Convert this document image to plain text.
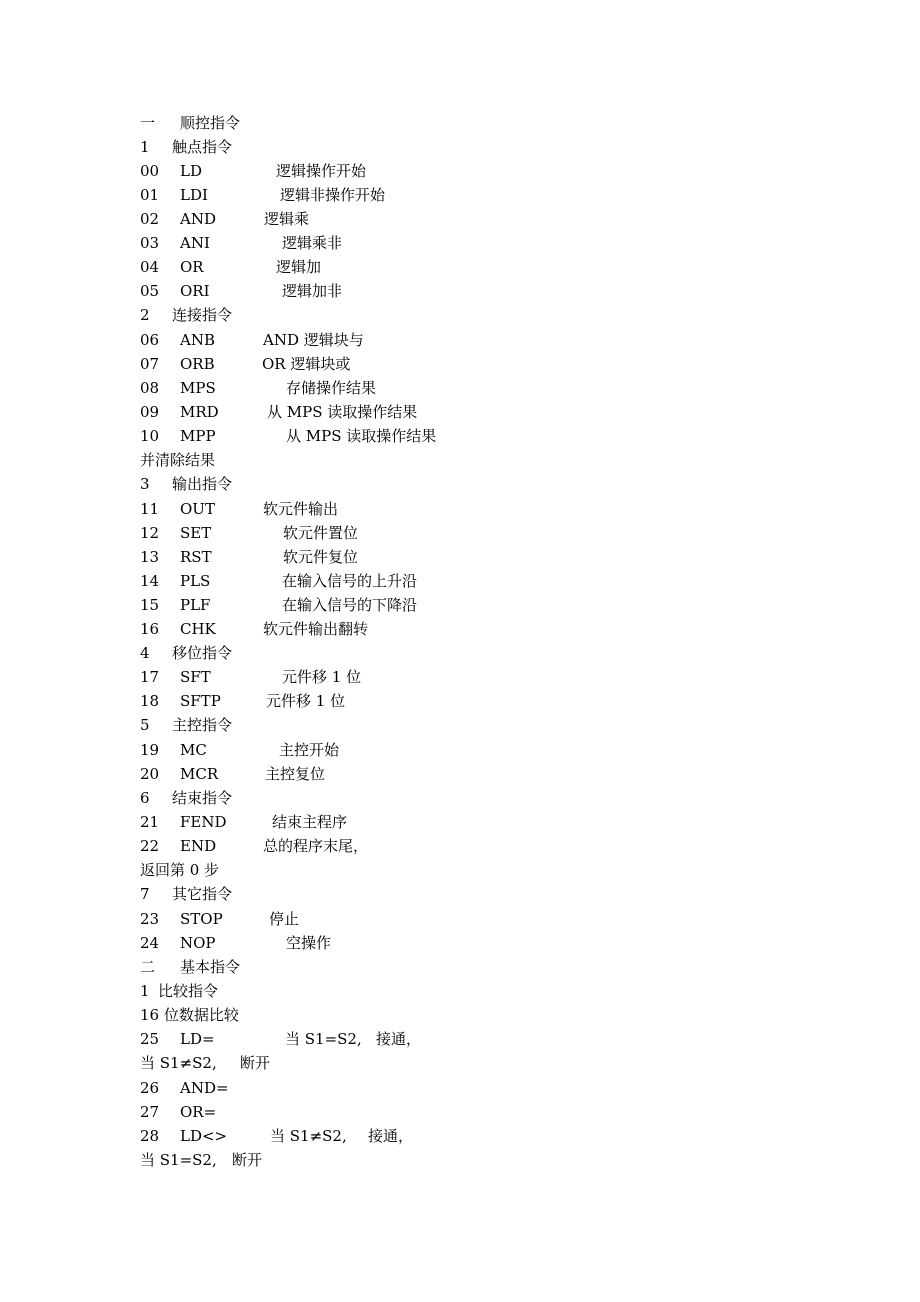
一 顺控指令
1 触点指令
00 LD	逻辑操作开始
01 LDI	逻辑非操作开始
02 AND	逻辑乘
03 ANI	逻辑乘非
04 OR	逻辑加
05 ORI	逻辑加非
2 连接指令
06 ANB	AND 逻辑块与
07 ORB	OR 逻辑块或
08 MPS	存储操作结果
09 MRD	从 MPS 读取操作结果
10 MPP	从 MPS 读取操作结果
并清除结果
3 输出指令
11 OUT	软元件输出
12 SET	软元件置位
13 RST	软元件复位
14 PLS	在输入信号的上升沿
15 PLF	在输入信号的下降沿
16 CHK	软元件输出翻转
4 移位指令
17 SFT	元件移 1 位
18 SFTP	元件移 1 位
5 主控指令
19 MC	主控开始
20 MCR	主控复位
6 结束指令
21 FEND	结束主程序
22 END	总的程序末尾，
返回第 0 步
7 其它指令
23 STOP	停止
24 NOP	空操作
二 基本指令
1 比较指令
16 位数据比较
25 LD=	当 S1=S2, 接通，
当 S1≠S2, 断开
26 AND=
27 OR=
28 LD<>	当 S1≠S2, 接通，
当 S1=S2, 断开
